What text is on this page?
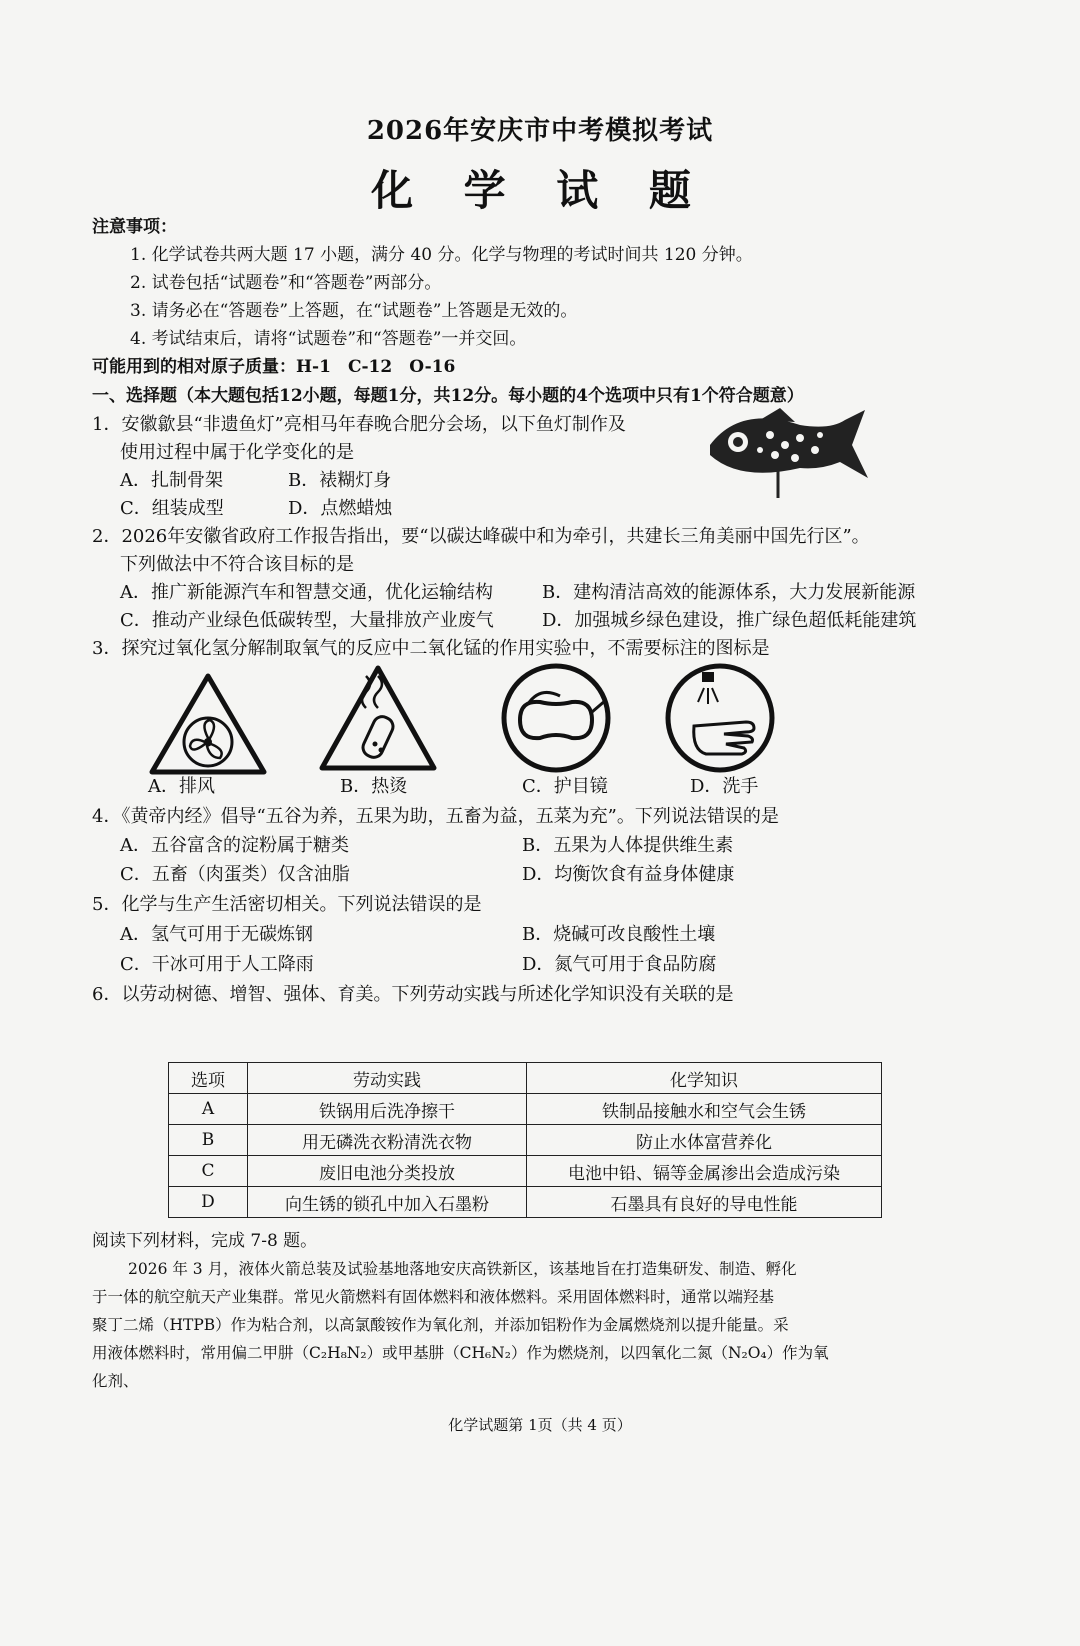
2026年安庆市中考模拟考试
化 学 试 题
注意事项：
1. 化学试卷共两大题 17 小题，满分 40 分。化学与物理的考试时间共 120 分钟。
2. 试卷包括“试题卷”和“答题卷”两部分。
3. 请务必在“答题卷”上答题，在“试题卷”上答题是无效的。
4. 考试结束后，请将“试题卷”和“答题卷”一并交回。
可能用到的相对原子质量：H-1　C-12　O-16
一、选择题（本大题包括12小题，每题1分，共12分。每小题的4个选项中只有1个符合题意）
1．安徽歙县“非遗鱼灯”亮相马年春晚合肥分会场，以下鱼灯制作及
使用过程中属于化学变化的是
A．扎制骨架	B．裱糊灯身
C．组装成型	D．点燃蜡烛
2．2026年安徽省政府工作报告指出，要“以碳达峰碳中和为牵引，共建长三角美丽中国先行区”。
下列做法中不符合该目标的是
A．推广新能源汽车和智慧交通，优化运输结构	B．建构清洁高效的能源体系，大力发展新能源
C．推动产业绿色低碳转型，大量排放产业废气	D．加强城乡绿色建设，推广绿色超低耗能建筑
3．探究过氧化氢分解制取氧气的反应中二氧化锰的作用实验中，不需要标注的图标是
A．排风	B．热烫	C．护目镜	D．洗手
4．《黄帝内经》倡导“五谷为养，五果为助，五畜为益，五菜为充”。下列说法错误的是
A．五谷富含的淀粉属于糖类	B．五果为人体提供维生素
C．五畜（肉蛋类）仅含油脂	D．均衡饮食有益身体健康
5．化学与生产生活密切相关。下列说法错误的是
A．氢气可用于无碳炼钢	B．烧碱可改良酸性土壤
C．干冰可用于人工降雨	D．氮气可用于食品防腐
6．以劳动树德、增智、强体、育美。下列劳动实践与所述化学知识没有关联的是
选项	劳动实践	化学知识
A	铁锅用后洗净擦干	铁制品接触水和空气会生锈
B	用无磷洗衣粉清洗衣物	防止水体富营养化
C	废旧电池分类投放	电池中铅、镉等金属渗出会造成污染
D	向生锈的锁孔中加入石墨粉	石墨具有良好的导电性能
阅读下列材料，完成 7-8 题。
2026 年 3 月，液体火箭总装及试验基地落地安庆高铁新区，该基地旨在打造集研发、制造、孵化
于一体的航空航天产业集群。常见火箭燃料有固体燃料和液体燃料。采用固体燃料时，通常以端羟基
聚丁二烯（HTPB）作为粘合剂，以高氯酸铵作为氧化剂，并添加铝粉作为金属燃烧剂以提升能量。采
用液体燃料时，常用偏二甲肼（C₂H₈N₂）或甲基肼（CH₆N₂）作为燃烧剂，以四氧化二氮（N₂O₄）作为氧
化剂、
化学试题第 1页（共 4 页）
